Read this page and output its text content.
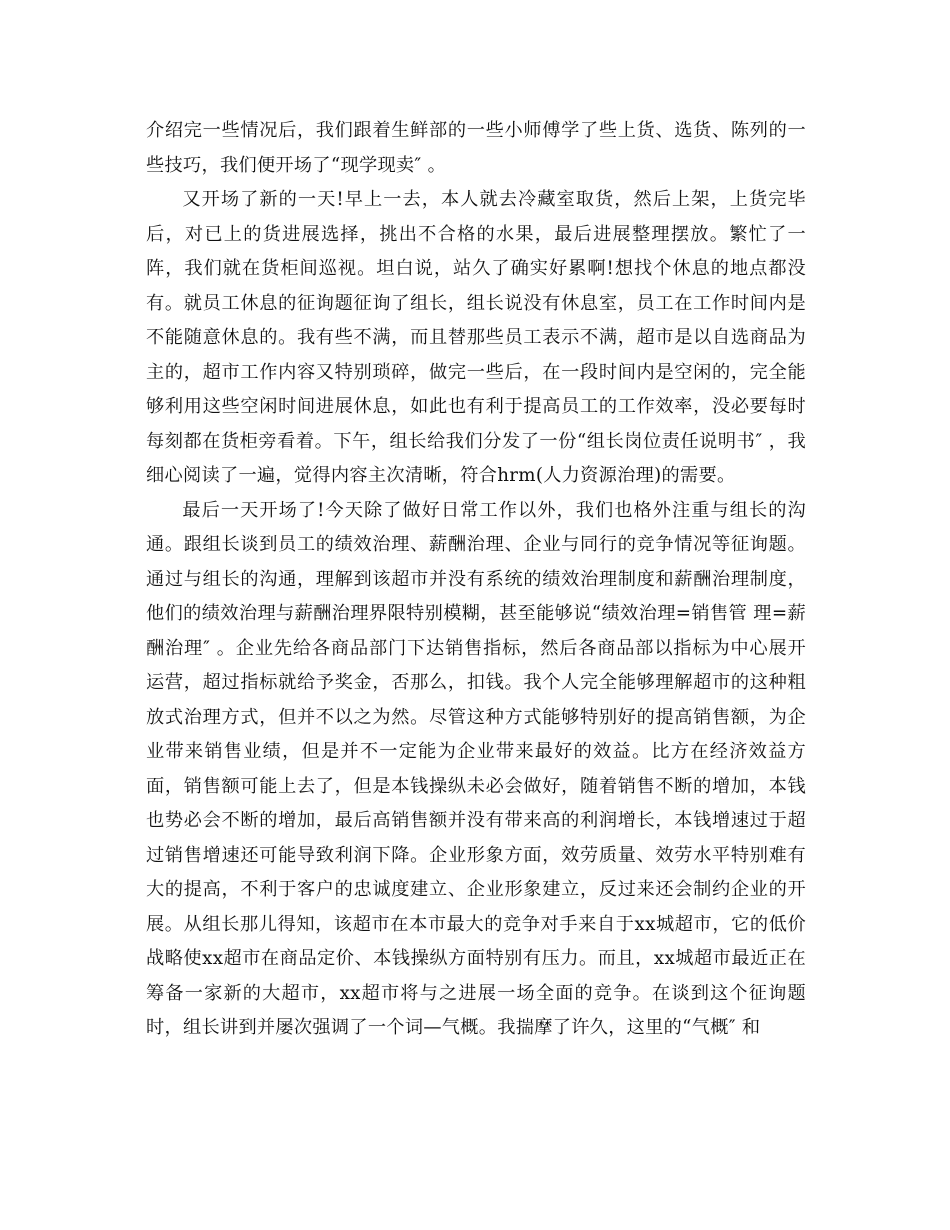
介绍完一些情况后，我们跟着生鲜部的一些小师傅学了些上货、选货、陈列的一些技巧，我们便开场了“现学现卖″ 。

又开场了新的一天!早上一去，本人就去冷藏室取货，然后上架，上货完毕后，对已上的货进展选择，挑出不合格的水果，最后进展整理摆放。繁忙了一阵，我们就在货柜间巡视。坦白说，站久了确实好累啊!想找个休息的地点都没有。就员工休息的征询题征询了组长，组长说没有休息室，员工在工作时间内是不能随意休息的。我有些不满，而且替那些员工表示不满，超市是以自选商品为主的，超市工作内容又特别琐碎，做完一些后，在一段时间内是空闲的，完全能够利用这些空闲时间进展休息，如此也有利于提高员工的工作效率，没必要每时每刻都在货柜旁看着。下午，组长给我们分发了一份“组长岗位责任说明书″ ，我细心阅读了一遍，觉得内容主次清晰，符合hrm(人力资源治理)的需要。

最后一天开场了!今天除了做好日常工作以外，我们也格外注重与组长的沟通。跟组长谈到员工的绩效治理、薪酬治理、企业与同行的竞争情况等征询题。通过与组长的沟通，理解到该超市并没有系统的绩效治理制度和薪酬治理制度，他们的绩效治理与薪酬治理界限特别模糊，甚至能够说“绩效治理=销售管 理=薪酬治理″ 。企业先给各商品部门下达销售指标，然后各商品部以指标为中心展开运营，超过指标就给予奖金，否那么，扣钱。我个人完全能够理解超市的这种粗放式治理方式，但并不以之为然。尽管这种方式能够特别好的提高销售额，为企业带来销售业绩，但是并不一定能为企业带来最好的效益。比方在经济效益方面，销售额可能上去了，但是本钱操纵未必会做好，随着销售不断的增加，本钱也势必会不断的增加，最后高销售额并没有带来高的利润增长，本钱增速过于超过销售增速还可能导致利润下降。企业形象方面，效劳质量、效劳水平特别难有大的提高，不利于客户的忠诚度建立、企业形象建立，反过来还会制约企业的开展。从组长那儿得知，该超市在本市最大的竞争对手来自于xx城超市，它的低价战略使xx超市在商品定价、本钱操纵方面特别有压力。而且，xx城超市最近正在筹备一家新的大超市，xx超市将与之进展一场全面的竞争。在谈到这个征询题时，组长讲到并屡次强调了一个词—气概。我揣摩了许久，这里的“气概″ 和
